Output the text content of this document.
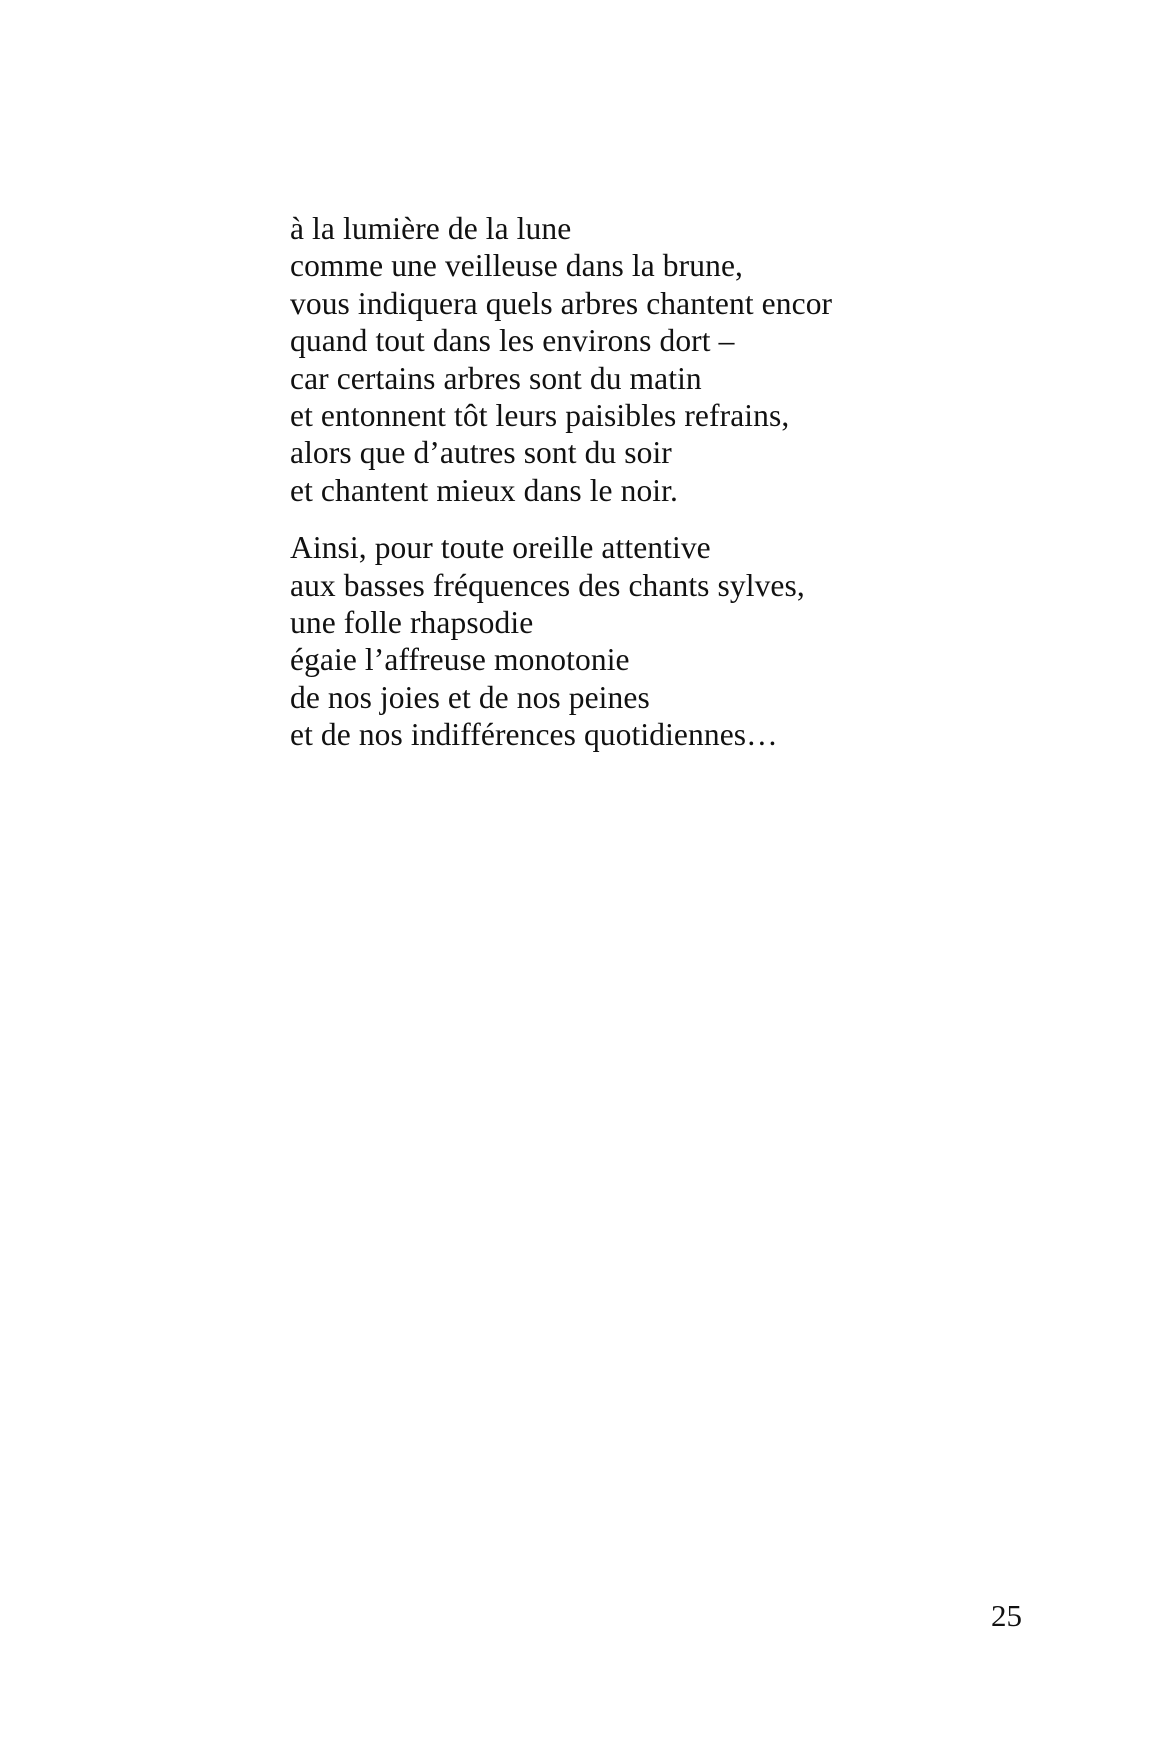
à la lumière de la lune
comme une veilleuse dans la brune,
vous indiquera quels arbres chantent encor
quand tout dans les environs dort –
car certains arbres sont du matin
et entonnent tôt leurs paisibles refrains,
alors que d’autres sont du soir
et chantent mieux dans le noir.
Ainsi, pour toute oreille attentive
aux basses fréquences des chants sylves,
une folle rhapsodie
égaie l’affreuse monotonie
de nos joies et de nos peines
et de nos indifférences quotidiennes…
25
